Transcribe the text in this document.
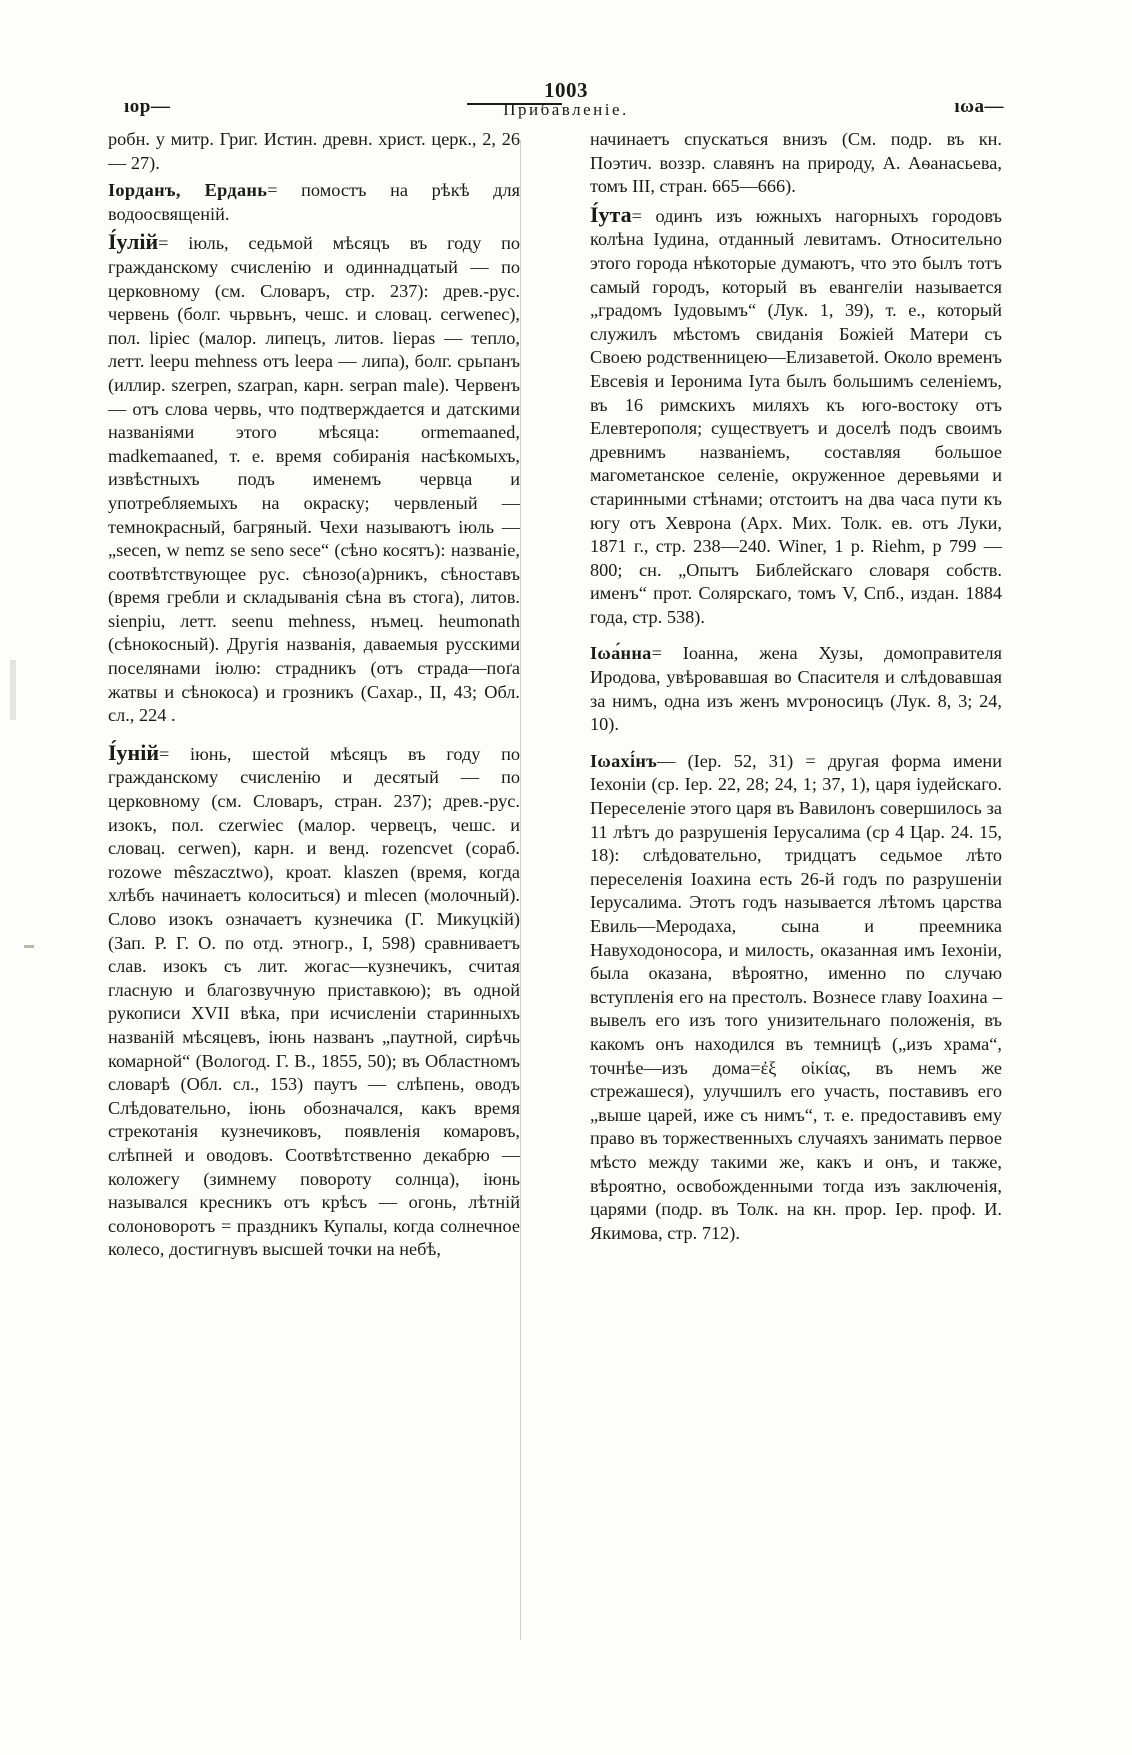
1003
ıор—	Прибавленіе.	ıωа—

робн. у митр. Григ. Истин. древн. христ. церк., 2, 26 — 27).

Іорданъ, Ердань= помостъ на рѣкѣ для водоосвященій.

І́улій= іюль, седьмой мѣсяцъ въ году по гражданскому счисленію и одиннадцатый — по церковному (см. Словаръ, стр. 237): древ.-рус. червень (болг. чьрвьнъ, чешс. и словац. cerwenec), пол. lipiec (малор. липецъ, литов. liepas — тепло, летт. leepu mehness отъ leepa — липа), болг. срьпанъ (иллир. szerpen, szarpan, карн. serpan male). Червенъ — отъ слова червь, что подтверждается и датскими названіями этого мѣсяца: ormemaaned, madkemaaned, т. е. время собиранія насѣкомыхъ, извѣстныхъ подъ именемъ червца и употребляемыхъ на окраску; червленый — темнокрасный, багряный. Чехи называютъ іюль — „secen, w nemz se seno sece“ (сѣно косятъ): названіе, соотвѣтствующее рус. сѣнозо(а)рникъ, сѣноставъ (время гребли и складыванія сѣна въ стога), литов. sienpiu, летт. seenu mehness, нъмец. heumonath (сѣнокосный). Другія названія, даваемыя русскими поселянами іюлю: страдникъ (отъ страда—поґа жатвы и сѣнокоса) и грозникъ (Сахар., II, 43; Обл. сл., 224 .

І́уній= іюнь, шестой мѣсяцъ въ году по гражданскому счисленію и десятый — по церковному (см. Словаръ, стран. 237); древ.-рус. изокъ, пол. czerwiec (малор. червецъ, чешс. и словац. cerwen), карн. и венд. rozencvet (сораб. rozowe mêszacztwo), кроат. klaszen (время, когда хлѣбъ начинаетъ колоситься) и mlecen (молочный). Слово изокъ означаетъ кузнечика (Г. Микуцкій) (Зап. Р. Г. О. по отд. этногр., I, 598) сравниваетъ слав. изокъ съ лит. жогас—кузнечикъ, считая гласную и благозвучную приставкою); въ одной рукописи XVII вѣка, при исчисленіи старинныхъ названій мѣсяцевъ, іюнь названъ „паутной, сирѣчь комарной“ (Вологод. Г. В., 1855, 50); въ Областномъ словарѣ (Обл. сл., 153) паутъ — слѣпень, оводъ Слѣдовательно, іюнь обозначался, какъ время стрекотанія кузнечиковъ, появленія комаровъ, слѣпней и оводовъ. Соотвѣтственно декабрю — коложегу (зимнему повороту солнца), іюнь назывался кресникъ отъ крѣсъ — огонь, лѣтній солоноворотъ = праздникъ Купалы, когда солнечное колесо, достигнувъ высшей точки на небѣ,

начинаетъ спускаться внизъ (См. подр. въ кн. Поэтич. воззр. славянъ на природу, А. Аѳанасьева, томъ III, стран. 665—666).

І́ута= одинъ изъ южныхъ нагорныхъ городовъ колѣна Іудина, отданный левитамъ. Относительно этого города нѣкоторые думаютъ, что это былъ тотъ самый городъ, который въ евангеліи называется „градомъ Іудовымъ“ (Лук. 1, 39), т. е., который служилъ мѣстомъ свиданія Божіей Матери съ Своею родственницею—Елизаветой. Около временъ Евсевія и Іеронима Іута былъ большимъ селеніемъ, въ 16 римскихъ миляхъ къ юго-востоку отъ Елевтерополя; существуетъ и доселѣ подъ своимъ древнимъ названіемъ, составляя большое магометанское селеніе, окруженное деревьями и старинными стѣнами; отстоитъ на два часа пути къ югу отъ Хеврона (Арх. Мих. Толк. ев. отъ Луки, 1871 г., стр. 238—240. Winer, 1 p. Riehm, p 799 — 800; сн. „Опытъ Библейскаго словаря собств. именъ“ прот. Солярскаго, томъ V, Спб., издан. 1884 года, стр. 538).

Іωа́нна= Іоанна, жена Хузы, домоправителя Иродова, увѣровавшая во Спасителя и слѣдовавшая за нимъ, одна изъ женъ мѵроносицъ (Лук. 8, 3; 24, 10).

Іωахі́нъ— (Іер. 52, 31) = другая форма имени Іехоніи (ср. Іер. 22, 28; 24, 1; 37, 1), царя іудейскаго. Переселеніе этого царя въ Вавилонъ совершилось за 11 лѣтъ до разрушенія Іерусалима (ср 4 Цар. 24. 15, 18): слѣдовательно, тридцатъ седьмое лѣто переселенія Іоахина есть 26-й годъ по разрушеніи Іерусалима. Этотъ годъ называется лѣтомъ царства Евиль—Меродаха, сына и преемника Навуходоносора, и милость, оказанная имъ Іехоніи, была оказана, вѣроятно, именно по случаю вступленія его на престолъ. Вознесе главу Іоахина – вывелъ его изъ того унизительнаго положенія, въ какомъ онъ находился въ темницѣ („изъ храма“, точнѣе—изъ дома=ἐξ οἰκίας, въ немъ же стрежашеся), улучшилъ его участь, поставивъ его „выше царей, иже съ нимъ“, т. е. предоставивъ ему право въ торжественныхъ случаяхъ занимать первое мѣсто между такими же, какъ и онъ, и также, вѣроятно, освобожденными тогда изъ заключенія, царями (подр. въ Толк. на кн. прор. Іер. проф. И. Якимова, стр. 712).
